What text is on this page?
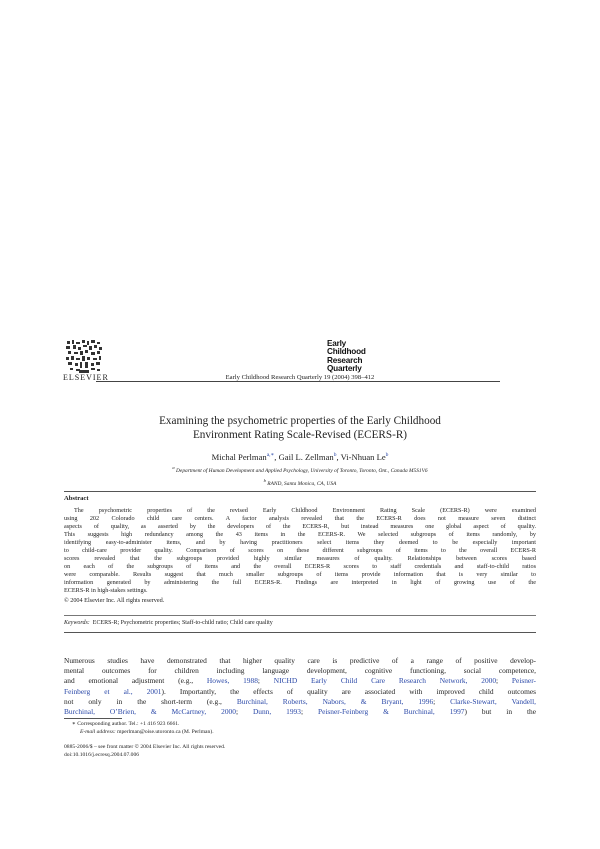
ELSEVIER	Early Childhood Research Quarterly 19 (2004) 398–412
Early
Childhood
Research
Quarterly
Examining the psychometric properties of the Early Childhood
Environment Rating Scale-Revised (ECERS-R)
Michal Perlman$^{a,∗}$, Gail L. Zellman$^b$, Vi-Nhuan Le$^b$
$^a$ Department of Human Development and Applied Psychology, University of Toronto, Toronto, Ont., Canada M5S1V6
$^b$ RAND, Santa Monica, CA, USA
Abstract
The psychometric properties of the revised Early Childhood Environment Rating Scale (ECERS-R) were examined
using 202 Colorado child care centers. A factor analysis revealed that the ECERS-R does not measure seven distinct
aspects of quality, as asserted by the developers of the ECERS-R, but instead measures one global aspect of quality.
This suggests high redundancy among the 43 items in the ECERS-R. We selected subgroups of items randomly, by
identifying easy-to-administer items, and by having practitioners select items they deemed to be especially important
to child-care provider quality. Comparison of scores on these different subgroups of items to the overall ECERS-R
scores revealed that the subgroups provided highly similar measures of quality. Relationships between scores based
on each of the subgroups of items and the overall ECERS-R scores to staff credentials and staff-to-child ratios
were comparable. Results suggest that much smaller subgroups of items provide information that is very similar to
information generated by administering the full ECERS-R. Findings are interpreted in light of growing use of the
ECERS-R in high-stakes settings.
© 2004 Elsevier Inc. All rights reserved.
Keywords: ECERS-R; Psychometric properties; Staff-to-child ratio; Child care quality
Numerous studies have demonstrated that higher quality care is predictive of a range of positive develop-
mental outcomes for children including language development, cognitive functioning, social competence,
and emotional adjustment (e.g., Howes, 1988; NICHD Early Child Care Research Network, 2000; Peisner-
Feinberg et al., 2001). Importantly, the effects of quality are associated with improved child outcomes
not only in the short-term (e.g., Burchinal, Roberts, Nabors, & Bryant, 1996; Clarke-Stewart, Vandell,
Burchinal, O’Brien, & McCartney, 2000; Dunn, 1993; Peisner-Feinberg & Burchinal, 1997) but in the
∗ Corresponding author. Tel.: +1 416 923 6661.
E-mail address: mperlman@oise.utoronto.ca (M. Perlman).
0885-2006/$ – see front matter © 2004 Elsevier Inc. All rights reserved.
doi:10.1016/j.ecresq.2004.07.006
